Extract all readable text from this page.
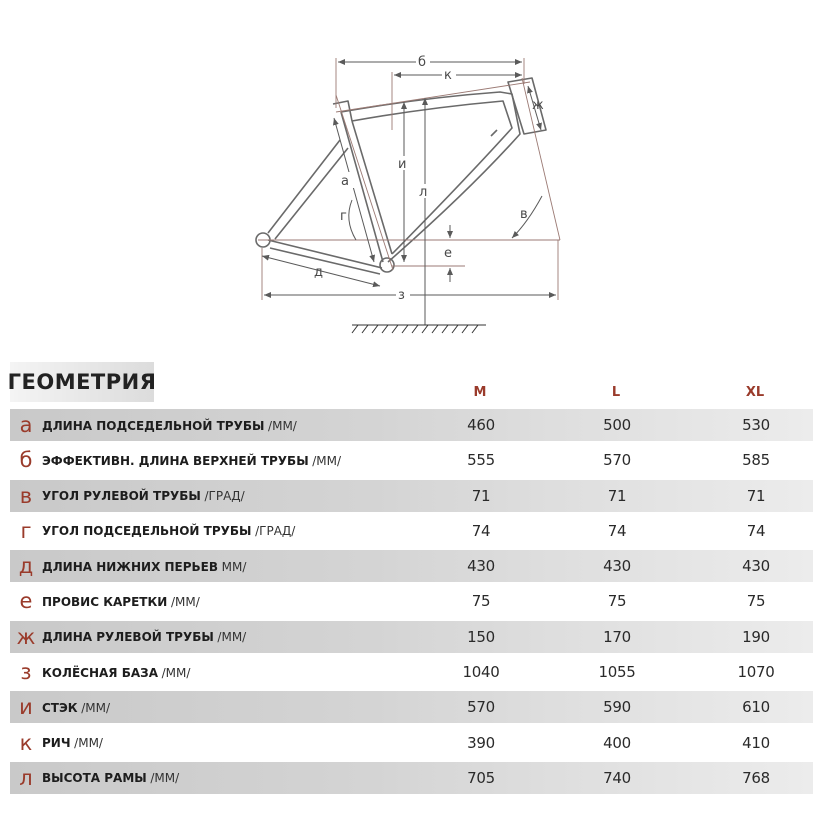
б
к
ж
и
л
а
г	в
е
д
з
ГЕОМЕТРИЯ	M	L	XL
а ДЛИНА ПОДСЕДЕЛЬНОЙ ТРУБЫ /ММ/	460	500	530
б ЭФФЕКТИВН. ДЛИНА ВЕРХНЕЙ ТРУБЫ /ММ/	555	570	585
в УГОЛ РУЛЕВОЙ ТРУБЫ /ГРАД/	71	71	71
г УГОЛ ПОДСЕДЕЛЬНОЙ ТРУБЫ /ГРАД/	74	74	74
д ДЛИНА НИЖНИХ ПЕРЬЕВ ММ/	430	430	430
е ПРОВИС КАРЕТКИ /ММ/	75	75	75
ж ДЛИНА РУЛЕВОЙ ТРУБЫ /ММ/	150	170	190
з КОЛЁСНАЯ БАЗА /ММ/	1040	1055	1070
и СТЭК /ММ/	570	590	610
к РИЧ /ММ/	390	400	410
л ВЫСОТА РАМЫ /ММ/	705	740	768
